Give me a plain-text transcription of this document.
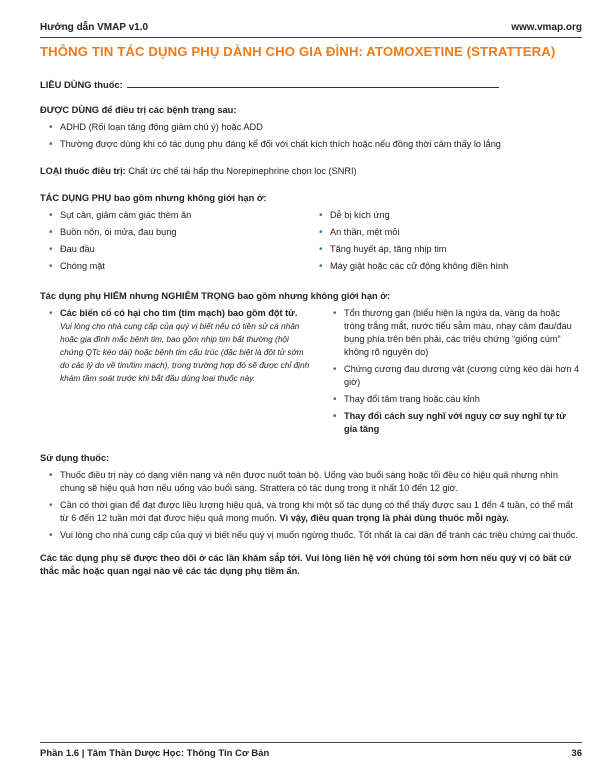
Hướng dẫn VMAP v1.0	www.vmap.org
THÔNG TIN TÁC DỤNG PHỤ DÀNH CHO GIA ĐÌNH: ATOMOXETINE (STRATTERA)
LIỀU DÙNG thuốc:
ĐƯỢC DÙNG để điều trị các bệnh trạng sau:
• ADHD (Rối loạn tăng động giảm chú ý) hoặc ADD
• Thường được dùng khi có tác dụng phụ đáng kể đối với chất kích thích hoặc nếu đồng thời cảm thấy lo lắng
LOẠI thuốc điều trị: Chất ức chế tái hấp thu Norepinephrine chọn lọc (SNRI)
TÁC DỤNG PHỤ bao gồm nhưng không giới hạn ở:
• Sụt cân, giảm cảm giác thèm ăn
• Buồn nôn, ói mửa, đau bụng
• Đau đầu
• Chóng mặt
• Dễ bị kích ứng
• An thần, mệt mỏi
• Tăng huyết áp, tăng nhịp tim
• Máy giật hoặc các cử động không điền hình
Tác dụng phụ HIẾM nhưng NGHIÊM TRỌNG bao gồm nhưng không giới hạn ở:
• Các biến cố có hại cho tim (tim mạch) bao gồm đột tử. Vui lòng cho nhà cung cấp của quý vị biết nếu có tiền sử cá nhân hoặc gia đình mắc bệnh tim, bao gồm nhịp tim bất thường (hội chứng QTc kéo dài) hoặc bệnh tim cấu trúc (đặc biệt là đột tử sớm do các lý do về tim/tim mạch), trong trường hợp đó sẽ được chỉ định khám tầm soát trước khi bắt đầu dùng loại thuốc này.
• Tổn thương gan (biểu hiện là ngứa da, vàng da hoặc tròng trắng mắt, nước tiểu sẫm màu, nhạy cảm đau/đau bụng phía trên bên phải, các triệu chứng “giống cúm” không rõ nguyên do)
• Chứng cương đau dương vật (cương cứng kéo dài hơn 4 giờ)
• Thay đổi tâm trạng hoặc cáu kỉnh
• Thay đổi cách suy nghĩ với nguy cơ suy nghĩ tự tử gia tăng
Sử dụng thuốc:
• Thuốc điều trị này có dạng viên nang và nên được nuốt toàn bộ. Uống vào buổi sáng hoặc tối đều có hiệu quả nhưng nhìn chung sẽ hiệu quả hơn nếu uống vào buổi sáng. Strattera có tác dụng trong ít nhất 10 đến 12 giờ.
• Cần có thời gian để đạt được liều lượng hiệu quả, và trong khi một số tác dụng có thể thấy được sau 1 đến 4 tuần, có thể mất từ 6 đến 12 tuần mới đạt được hiệu quả mong muốn. Vì vậy, điều quan trọng là phải dùng thuốc mỗi ngày.
• Vui lòng cho nhà cung cấp của quý vị biết nếu quý vị muốn ngừng thuốc. Tốt nhất là cai dần để tránh các triệu chứng cai thuốc.
Các tác dụng phụ sẽ được theo dõi ở các lần khám sắp tới. Vui lòng liên hệ với chúng tôi sớm hơn nếu quý vị có bất cứ thắc mắc hoặc quan ngại nào về các tác dụng phụ tiềm ẩn.
Phần 1.6 | Tâm Thần Dược Học: Thông Tin Cơ Bản	36
